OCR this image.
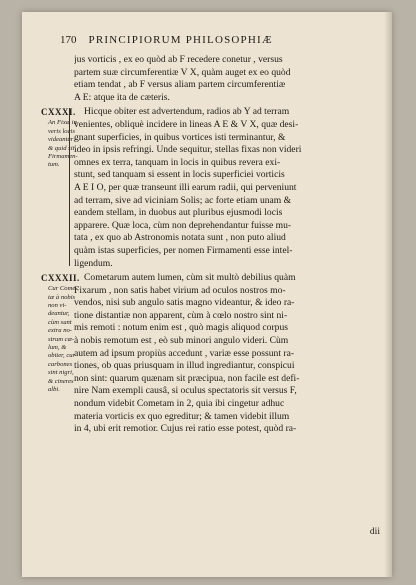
170 PRINCIPIORUM PHILOSOPHIÆ
jus vorticis , ex eo quòd ab F recedere conetur , versus
partem suæ circumferentiæ V X, quàm auget ex eo quòd
etiam tendat , ab F versus aliam partem circumferentiæ
A E: atque ita de cæteris.
CXXXI.
An Fixæ in
veris locis
videantur:
& quid sit
Firmamen-
tum.
Hicque obiter est advertendum, radios ab Y ad terram
venientes, obliquè incidere in lineas A E & V X, quæ desi-
gnant superficies, in quibus vortices isti terminantur, &
ideo in ipsis refringi. Unde sequitur, stellas fixas non videri
omnes ex terra, tanquam in locis in quibus revera exi-
stunt, sed tanquam si essent in locis superficiei vorticis
A E I O, per quæ transeunt illi earum radii, qui perveniunt
ad terram, sive ad viciniam Solis; ac forte etiam unam &
eandem stellam, in duobus aut pluribus ejusmodi locis
apparere. Quæ loca, cùm non deprehendantur fuisse mu-
tata , ex quo ab Astronomis notata sunt , non puto aliud
quàm istas superficies, per nomen Firmamenti esse intel-
ligendum.
CXXXII.
Cur Come-
tæ à nobis
non vi-
deantur,
cùm sunt
extra no-
strum cæ-
lum, &
obiter, cur
carbones
sint nigri,
& cineres
albi.
Cometarum autem lumen, cùm sit multò debilius quàm
Fixarum , non satis habet virium ad oculos nostros mo-
vendos, nisi sub angulo satis magno videantur, & ideo ra-
tione distantiæ non apparent, cùm à cœlo nostro sint ni-
mis remoti : notum enim est , quò magis aliquod corpus
à nobis remotum est , eò sub minori angulo videri. Cùm
autem ad ipsum propiùs accedunt , variæ esse possunt ra-
tiones, ob quas priusquam in illud ingrediantur, conspicui
non sint: quarum quænam sit præcipua, non facile est defi-
nire Nam exempli causâ, si oculus spectatoris sit versus F,
nondum videbit Cometam in 2, quia ibi cingetur adhuc
materia vorticis ex quo egreditur; & tamen videbit illum
in 4, ubi erit remotior. Cujus rei ratio esse potest, quòd ra-
dii
